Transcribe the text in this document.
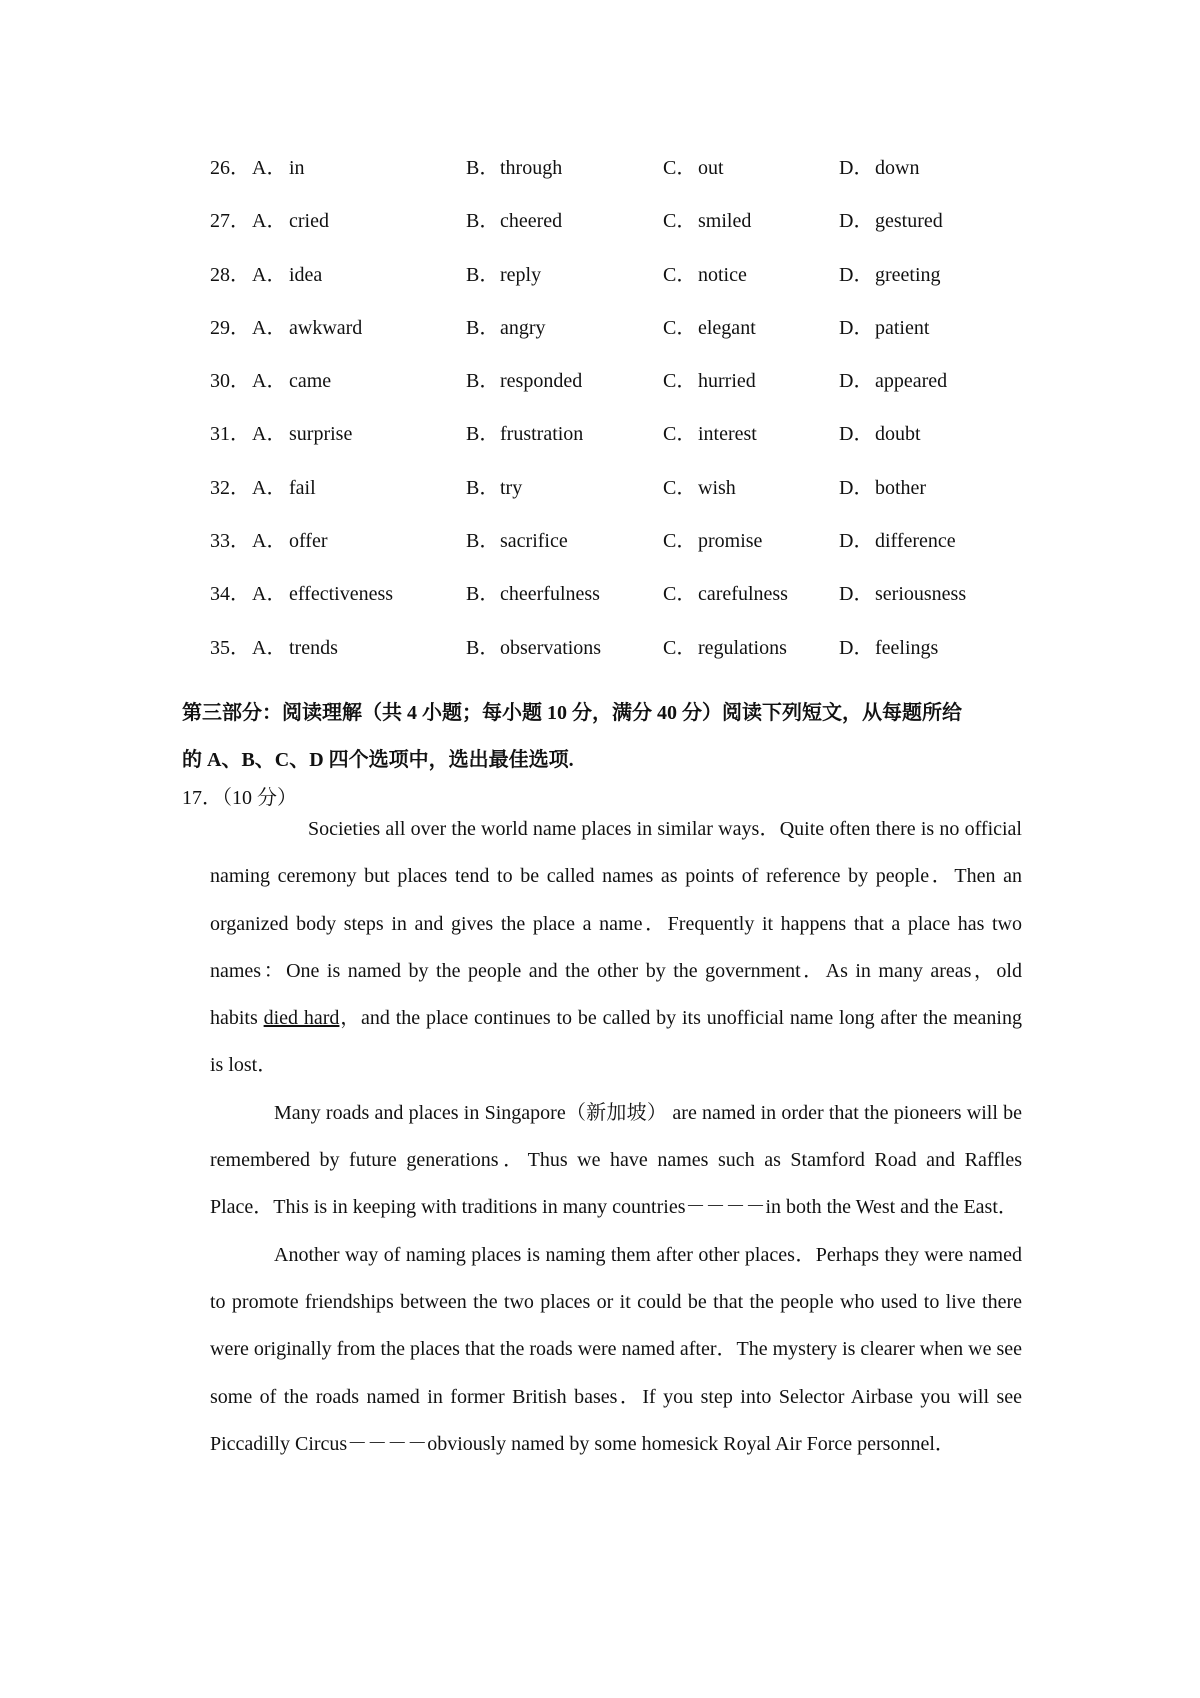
26． A． in	B． through	C． out	D． down
27． A． cried	B． cheered	C． smiled	D． gestured
28． A． idea	B． reply	C． notice	D． greeting
29． A． awkward	B． angry	C． elegant	D． patient
30． A． came	B． responded	C． hurried	D． appeared
31． A． surprise	B． frustration	C． interest	D． doubt
32． A． fail	B． try	C． wish	D． bother
33． A． offer	B． sacrifice	C． promise	D． difference
34． A． effectiveness	B． cheerfulness	C． carefulness	D． seriousness
35． A． trends	B． observations	C． regulations	D． feelings
第三部分：阅读理解（共 4 小题；每小题 10 分，满分 40 分）阅读下列短文，从每题所给
的 A、B、C、D 四个选项中，选出最佳选项.
17．（10 分）

Societies all over the world name places in similar ways．Quite often there is no official naming ceremony but places tend to be called names as points of reference by people．Then an organized body steps in and gives the place a name．Frequently it happens that a place has two names：One is named by the people and the other by the government．As in many areas，old habits died hard，and the place continues to be called by its unofficial name long after the meaning is lost．

Many roads and places in Singapore（新加坡） are named in order that the pioneers will be remembered by future generations．Thus we have names such as Stamford Road and Raffles Place．This is in keeping with traditions in many countries－－－－in both the West and the East．

Another way of naming places is naming them after other places．Perhaps they were named to promote friendships between the two places or it could be that the people who used to live there were originally from the places that the roads were named after．The mystery is clearer when we see some of the roads named in former British bases．If you step into Selector Airbase you will see Piccadilly Circus－－－－obviously named by some homesick Royal Air Force personnel．
